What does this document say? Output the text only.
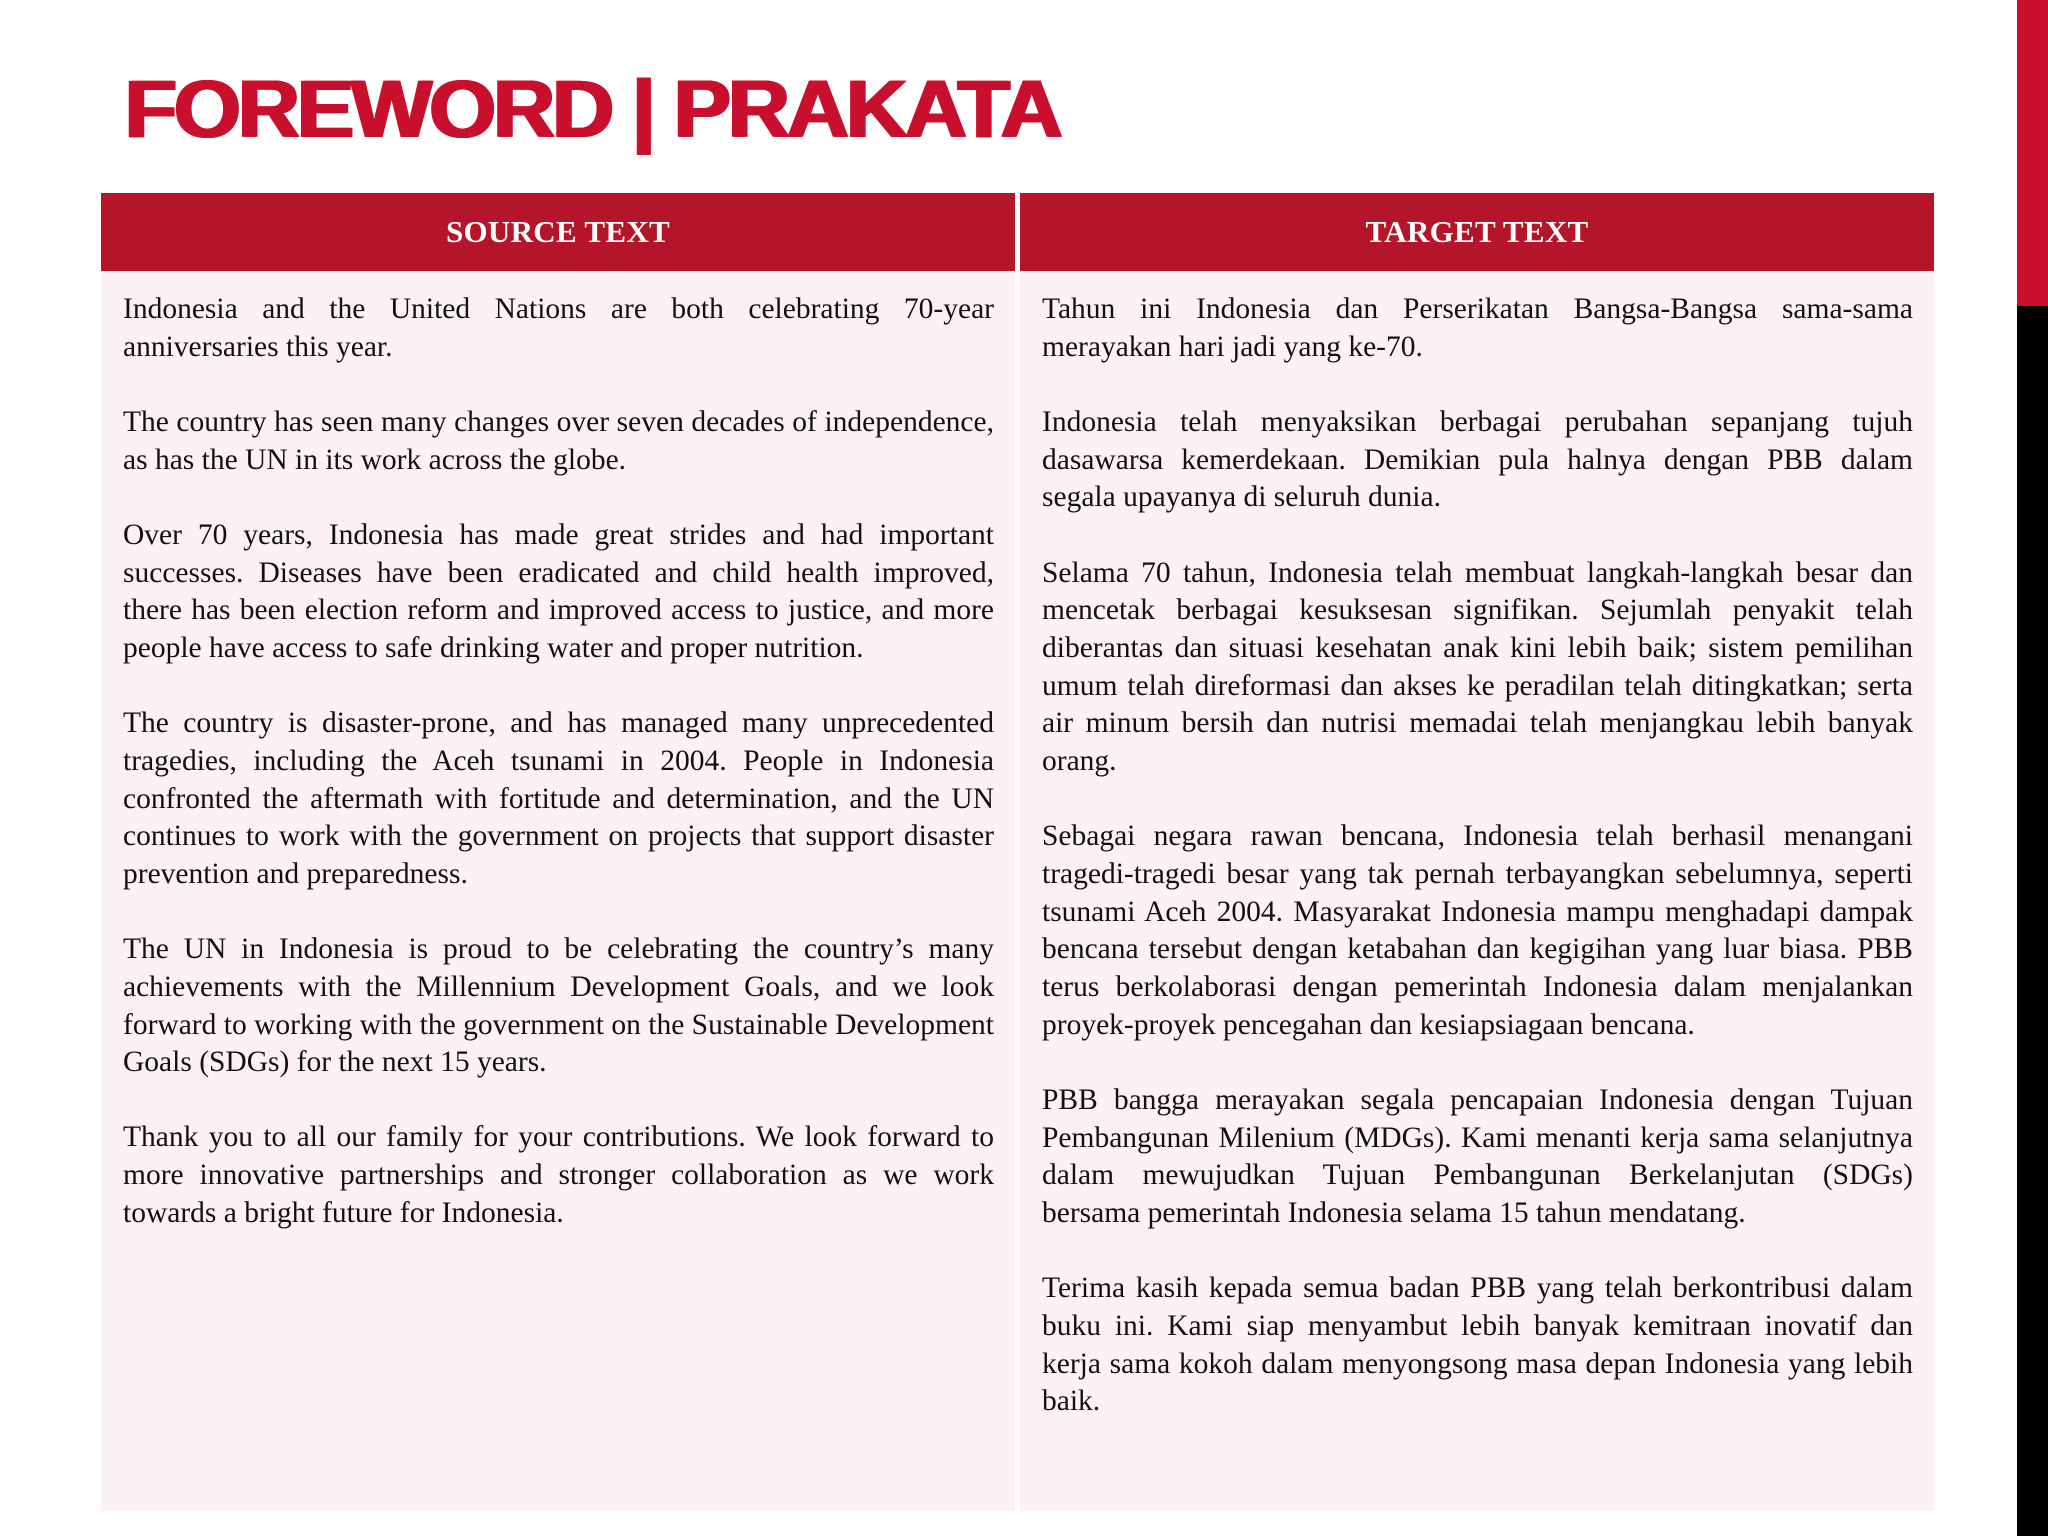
FOREWORD | PRAKATA
SOURCE TEXT	TARGET TEXT

Indonesia and the United Nations are both celebrating 70-year anniversaries this year.

The country has seen many changes over seven decades of independence, as has the UN in its work across the globe.

Over 70 years, Indonesia has made great strides and had important successes. Diseases have been eradicated and child health improved, there has been election reform and improved access to justice, and more people have access to safe drinking water and proper nutrition.

The country is disaster-prone, and has managed many unprecedented tragedies, including the Aceh tsunami in 2004. People in Indonesia confronted the aftermath with fortitude and determination, and the UN continues to work with the government on projects that support disaster prevention and preparedness.

The UN in Indonesia is proud to be celebrating the country’s many achievements with the Millennium Development Goals, and we look forward to working with the government on the Sustainable Development Goals (SDGs) for the next 15 years.

Thank you to all our family for your contributions. We look forward to more innovative partnerships and stronger collaboration as we work towards a bright future for Indonesia.

Tahun ini Indonesia dan Perserikatan Bangsa-Bangsa sama-sama merayakan hari jadi yang ke-70.

Indonesia telah menyaksikan berbagai perubahan sepanjang tujuh dasawarsa kemerdekaan. Demikian pula halnya dengan PBB dalam segala upayanya di seluruh dunia.

Selama 70 tahun, Indonesia telah membuat langkah-langkah besar dan mencetak berbagai kesuksesan signifikan. Sejumlah penyakit telah diberantas dan situasi kesehatan anak kini lebih baik; sistem pemilihan umum telah direformasi dan akses ke peradilan telah ditingkatkan; serta air minum bersih dan nutrisi memadai telah menjangkau lebih banyak orang.

Sebagai negara rawan bencana, Indonesia telah berhasil menangani tragedi-tragedi besar yang tak pernah terbayangkan sebelumnya, seperti tsunami Aceh 2004. Masyarakat Indonesia mampu menghadapi dampak bencana tersebut dengan ketabahan dan kegigihan yang luar biasa. PBB terus berkolaborasi dengan pemerintah Indonesia dalam menjalankan proyek-proyek pencegahan dan kesiapsiagaan bencana.

PBB bangga merayakan segala pencapaian Indonesia dengan Tujuan Pembangunan Milenium (MDGs). Kami menanti kerja sama selanjutnya dalam mewujudkan Tujuan Pembangunan Berkelanjutan (SDGs) bersama pemerintah Indonesia selama 15 tahun mendatang.

Terima kasih kepada semua badan PBB yang telah berkontribusi dalam buku ini. Kami siap menyambut lebih banyak kemitraan inovatif dan kerja sama kokoh dalam menyongsong masa depan Indonesia yang lebih baik.
